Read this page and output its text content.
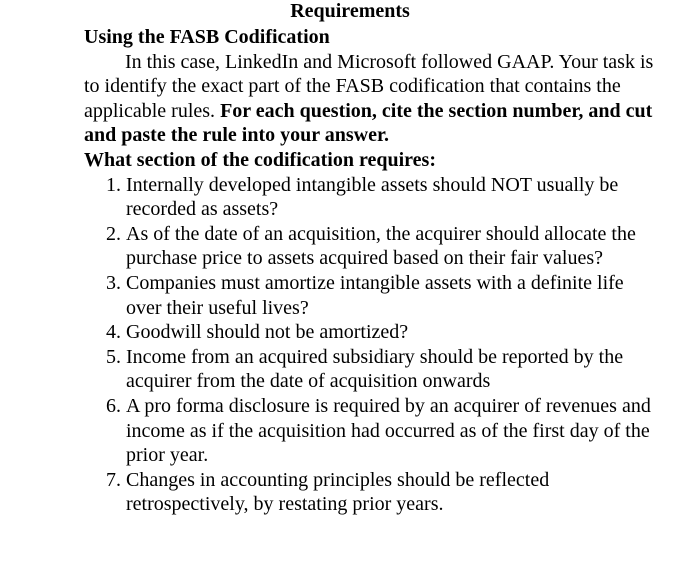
Requirements

Using the FASB Codification

In this case, LinkedIn and Microsoft followed GAAP. Your task is to identify the exact part of the FASB codification that contains the applicable rules. For each question, cite the section number, and cut and paste the rule into your answer.

What section of the codification requires:

1. Internally developed intangible assets should NOT usually be recorded as assets?
2. As of the date of an acquisition, the acquirer should allocate the purchase price to assets acquired based on their fair values?
3. Companies must amortize intangible assets with a definite life over their useful lives?
4. Goodwill should not be amortized?
5. Income from an acquired subsidiary should be reported by the acquirer from the date of acquisition onwards
6. A pro forma disclosure is required by an acquirer of revenues and income as if the acquisition had occurred as of the first day of the prior year.
7. Changes in accounting principles should be reflected retrospectively, by restating prior years.
